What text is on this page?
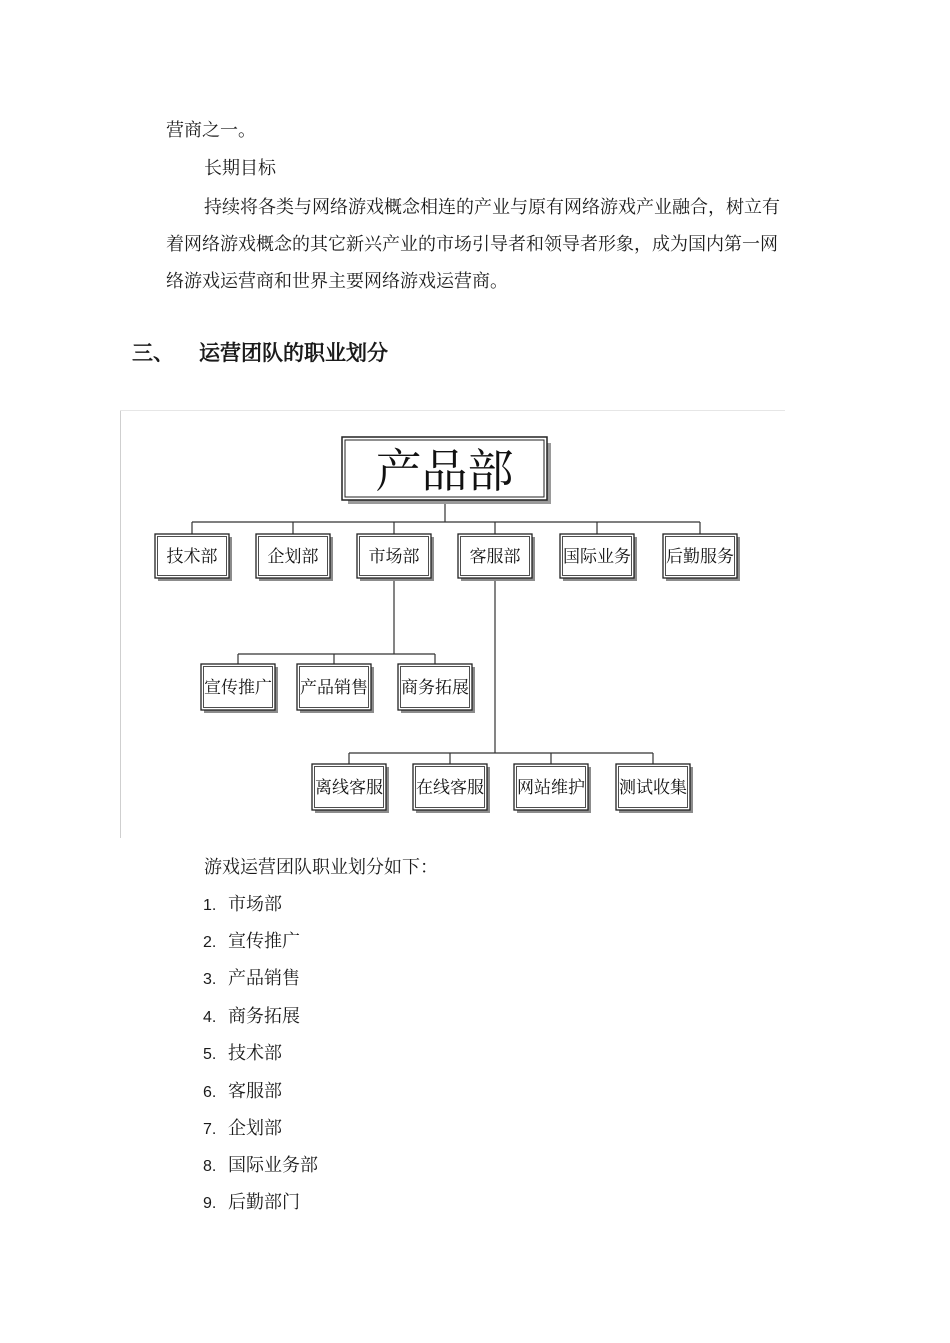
营商之一。
长期目标
持续将各类与网络游戏概念相连的产业与原有网络游戏产业融合，树立有
着网络游戏概念的其它新兴产业的市场引导者和领导者形象，成为国内第一网
络游戏运营商和世界主要网络游戏运营商。
三、 运营团队的职业划分
产品部
技术部	企划部	市场部	客服部	国际业务 后勤服务
宣传推广 产品销售 商务拓展
离线客服 在线客服 网站维护 测试收集
游戏运营团队职业划分如下：
1. 市场部
2. 宣传推广
3. 产品销售
4. 商务拓展
5. 技术部
6. 客服部
7. 企划部
8. 国际业务部
9. 后勤部门
